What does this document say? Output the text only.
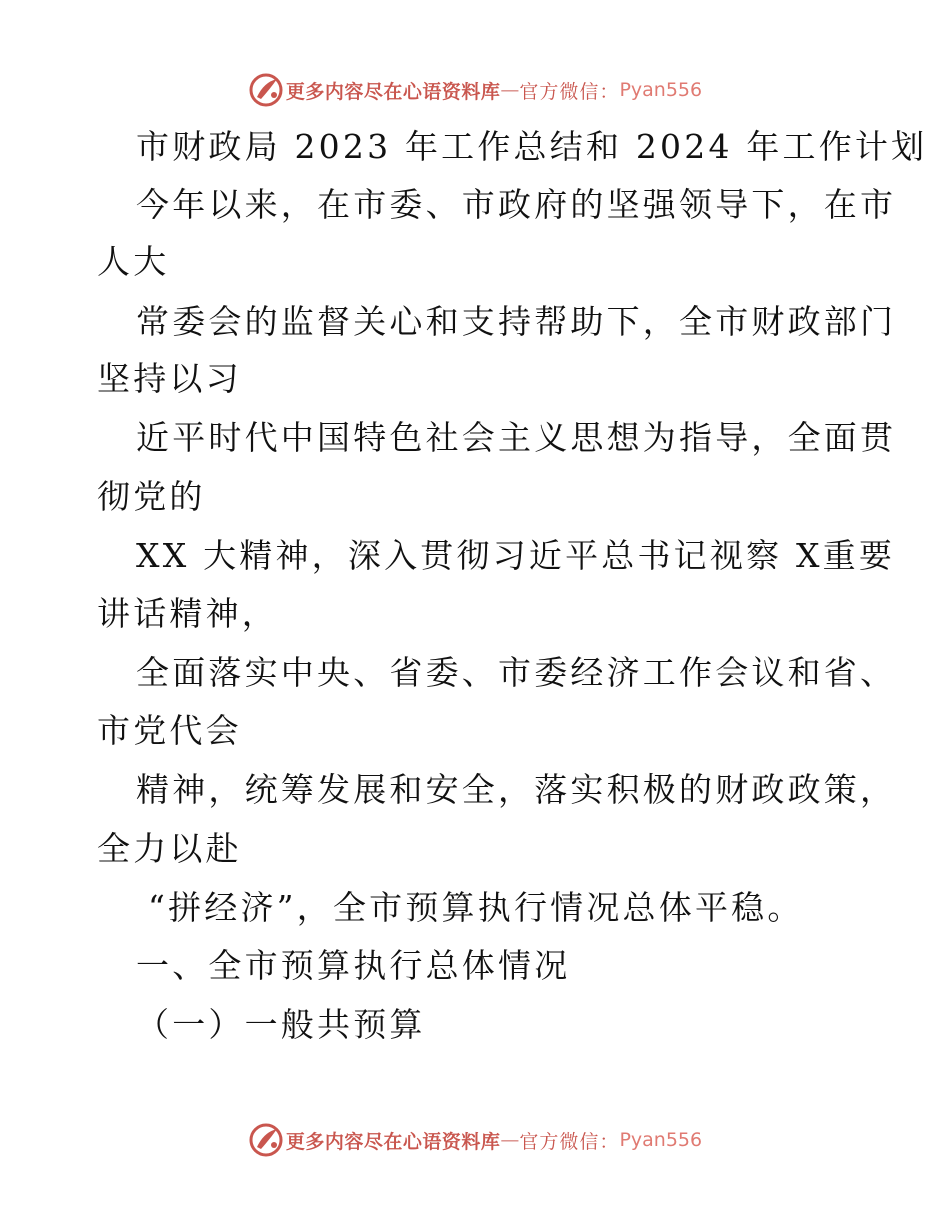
更多内容尽在心语资料库 — 官方微信： Pyan556
市财政局 2023 年工作总结和 2024 年工作计划
今年以来，在市委、市政府的坚强领导下，在市
人大
常委会的监督关心和支持帮助下，全市财政部门
坚持以习
近平时代中国特色社会主义思想为指导，全面贯
彻党的
XX 大精神，深入贯彻习近平总书记视察 X重要
讲话精神，
全面落实中央、省委、市委经济工作会议和省、
市党代会
精神，统筹发展和安全，落实积极的财政政策，
全力以赴
“拼经济”，全市预算执行情况总体平稳。
一、全市预算执行总体情况
（一）一般共预算
更多内容尽在心语资料库 — 官方微信： Pyan556
